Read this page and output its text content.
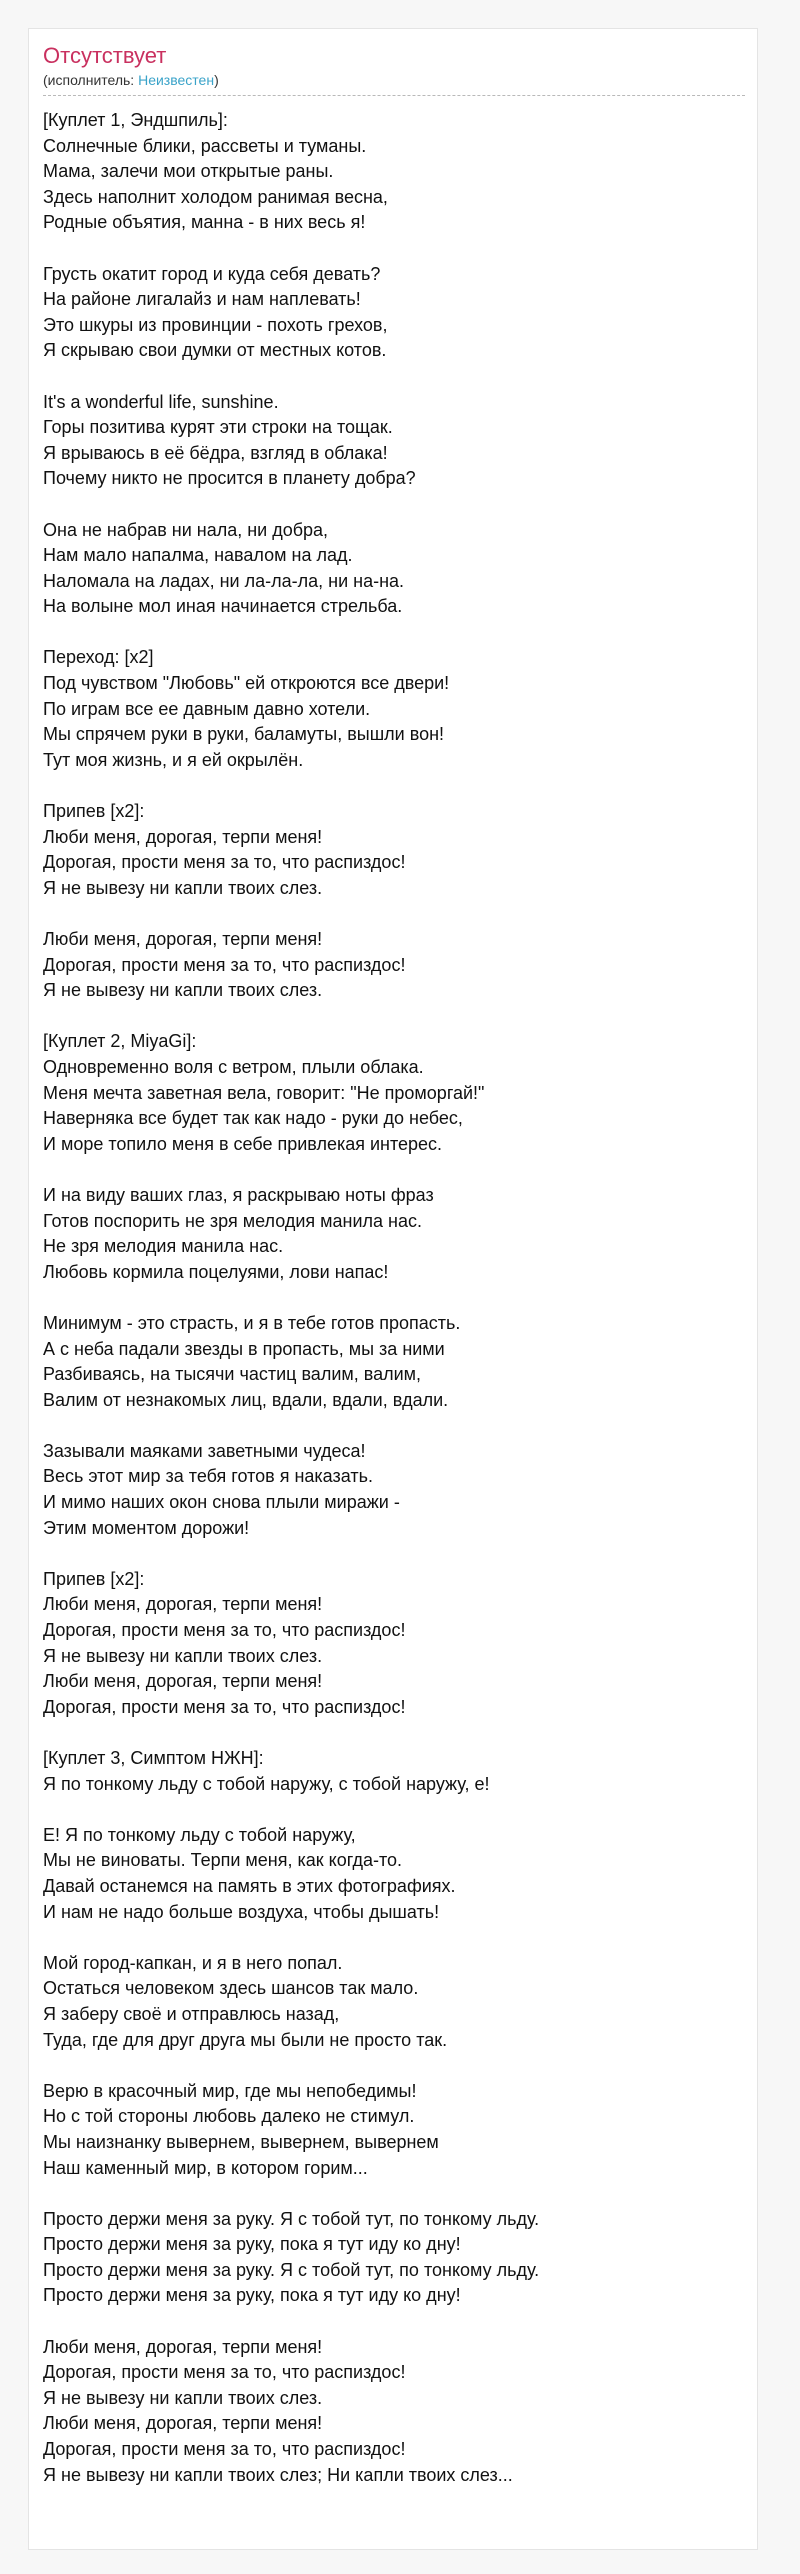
Отсутствует
(исполнитель: Неизвестен)
[Куплет 1, Эндшпиль]:
Солнечные блики, рассветы и туманы.
Мама, залечи мои открытые раны.
Здесь наполнит холодом ранимая весна,
Родные объятия, манна - в них весь я!
Грусть окатит город и куда себя девать?
На районе лигалайз и нам наплевать!
Это шкуры из провинции - похоть грехов,
Я скрываю свои думки от местных котов.
It's a wonderful life, sunshine.
Горы позитива курят эти строки на тощак.
Я врываюсь в её бёдра, взгляд в облака!
Почему никто не просится в планету добра?
Она не набрав ни нала, ни добра,
Нам мало напалма, навалом на лад.
Наломала на ладах, ни ла-ла-ла, ни на-на.
На волыне мол иная начинается стрельба.
Переход: [x2]
Под чувством "Любовь" ей откроются все двери!
По играм все ее давным давно хотели.
Мы спрячем руки в руки, баламуты, вышли вон!
Тут моя жизнь, и я ей окрылён.
Припев [x2]:
Люби меня, дорогая, терпи меня!
Дорогая, прости меня за то, что распиздос!
Я не вывезу ни капли твоих слез.
Люби меня, дорогая, терпи меня!
Дорогая, прости меня за то, что распиздос!
Я не вывезу ни капли твоих слез.
[Куплет 2, MiyaGi]:
Одновременно воля с ветром, плыли облака.
Меня мечта заветная вела, говорит: "Не проморгай!"
Наверняка все будет так как надо - руки до небес,
И море топило меня в себе привлекая интерес.
И на виду ваших глаз, я раскрываю ноты фраз
Готов поспорить не зря мелодия манила нас.
Не зря мелодия манила нас.
Любовь кормила поцелуями, лови напас!
Минимум - это страсть, и я в тебе готов пропасть.
А с неба падали звезды в пропасть, мы за ними
Разбиваясь, на тысячи частиц валим, валим,
Валим от незнакомых лиц, вдали, вдали, вдали.
Зазывали маяками заветными чудеса!
Весь этот мир за тебя готов я наказать.
И мимо наших окон снова плыли миражи -
Этим моментом дорожи!
Припев [x2]:
Люби меня, дорогая, терпи меня!
Дорогая, прости меня за то, что распиздос!
Я не вывезу ни капли твоих слез.
Люби меня, дорогая, терпи меня!
Дорогая, прости меня за то, что распиздос!
[Куплет 3, Симптом НЖН]:
Я по тонкому льду с тобой наружу, с тобой наружу, е!
Е! Я по тонкому льду с тобой наружу,
Мы не виноваты. Терпи меня, как когда-то.
Давай останемся на память в этих фотографиях.
И нам не надо больше воздуха, чтобы дышать!
Мой город-капкан, и я в него попал.
Остаться человеком здесь шансов так мало.
Я заберу своё и отправлюсь назад,
Туда, где для друг друга мы были не просто так.
Верю в красочный мир, где мы непобедимы!
Но с той стороны любовь далеко не стимул.
Мы наизнанку вывернем, вывернем, вывернем
Наш каменный мир, в котором горим...
Просто держи меня за руку. Я с тобой тут, по тонкому льду.
Просто держи меня за руку, пока я тут иду ко дну!
Просто держи меня за руку. Я с тобой тут, по тонкому льду.
Просто держи меня за руку, пока я тут иду ко дну!
Люби меня, дорогая, терпи меня!
Дорогая, прости меня за то, что распиздос!
Я не вывезу ни капли твоих слез.
Люби меня, дорогая, терпи меня!
Дорогая, прости меня за то, что распиздос!
Я не вывезу ни капли твоих слез; Ни капли твоих слез...
